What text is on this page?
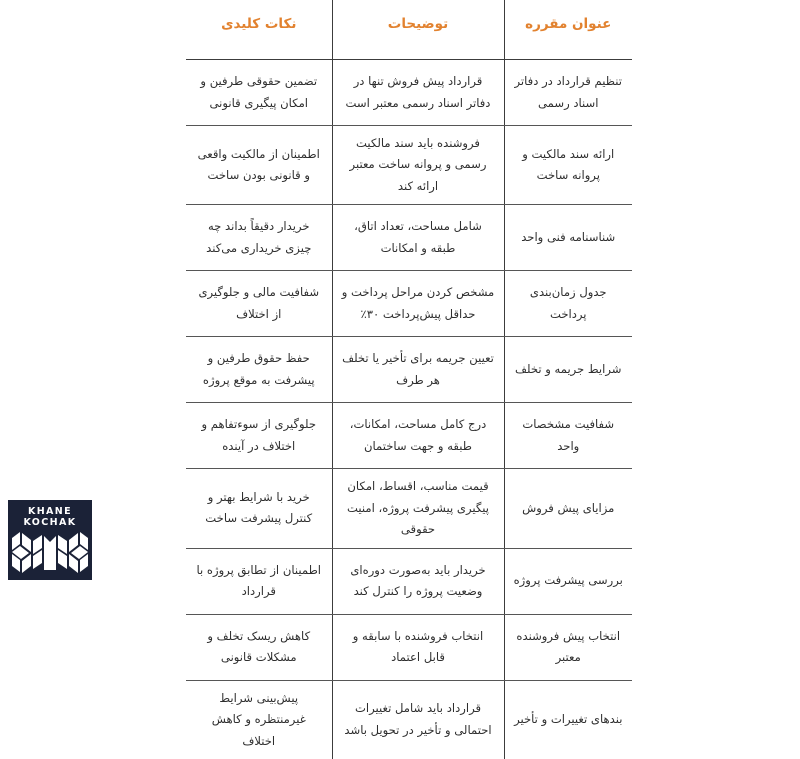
عنوان مقرره	توضیحات	نکات کلیدی
تنظیم قرارداد در دفاتر اسناد رسمی	قرارداد پیش فروش تنها در دفاتر اسناد رسمی معتبر است	تضمین حقوقی طرفین و امکان پیگیری قانونی
ارائه سند مالکیت و پروانه ساخت	فروشنده باید سند مالکیت رسمی و پروانه ساخت معتبر ارائه کند	اطمینان از مالکیت واقعی و قانونی بودن ساخت
شناسنامه فنی واحد	شامل مساحت، تعداد اتاق، طبقه و امکانات	خریدار دقیقاً بداند چه چیزی خریداری می‌کند
جدول زمان‌بندی پرداخت	مشخص کردن مراحل پرداخت و حداقل پیش‌پرداخت ۳۰٪	شفافیت مالی و جلوگیری از اختلاف
شرایط جریمه و تخلف	تعیین جریمه برای تأخیر یا تخلف هر طرف	حفظ حقوق طرفین و پیشرفت به موقع پروژه
شفافیت مشخصات واحد	درج کامل مساحت، امکانات، طبقه و جهت ساختمان	جلوگیری از سوءتفاهم و اختلاف در آینده
مزایای پیش فروش	قیمت مناسب، اقساط، امکان پیگیری پیشرفت پروژه، امنیت حقوقی	خرید با شرایط بهتر و کنترل پیشرفت ساخت
بررسی پیشرفت پروژه	خریدار باید به‌صورت دوره‌ای وضعیت پروژه را کنترل کند	اطمینان از تطابق پروژه با قرارداد
انتخاب پیش فروشنده معتبر	انتخاب فروشنده با سابقه و قابل اعتماد	کاهش ریسک تخلف و مشکلات قانونی
بندهای تغییرات و تأخیر	قرارداد باید شامل تغییرات احتمالی و تأخیر در تحویل باشد	پیش‌بینی شرایط غیرمنتظره و کاهش اختلاف
KHANE
KOCHAK
